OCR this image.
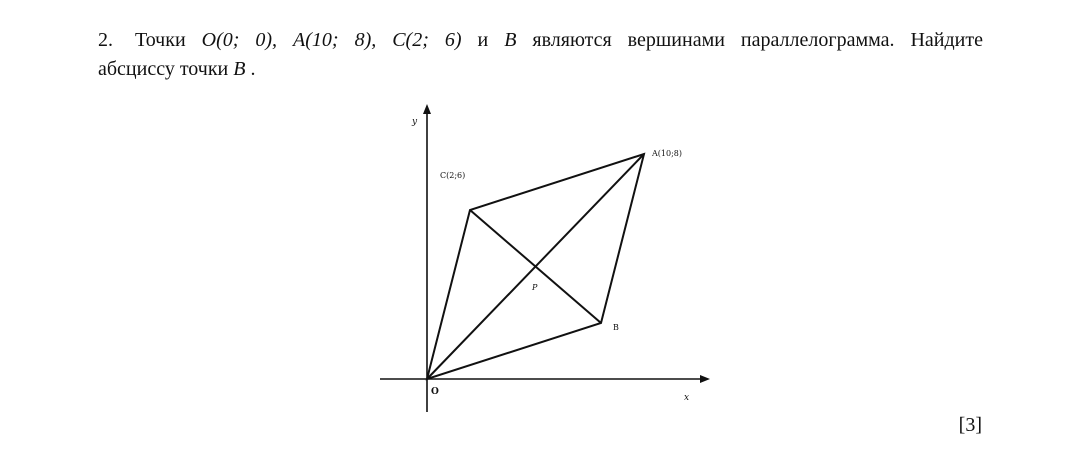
2. Точки O(0; 0), A(10; 8), C(2; 6) и B являются вершинами параллелограмма. Найдите
абсциссу точки B .
y
x
O
A(10;8)
C(2;6)
B
P
[3]
